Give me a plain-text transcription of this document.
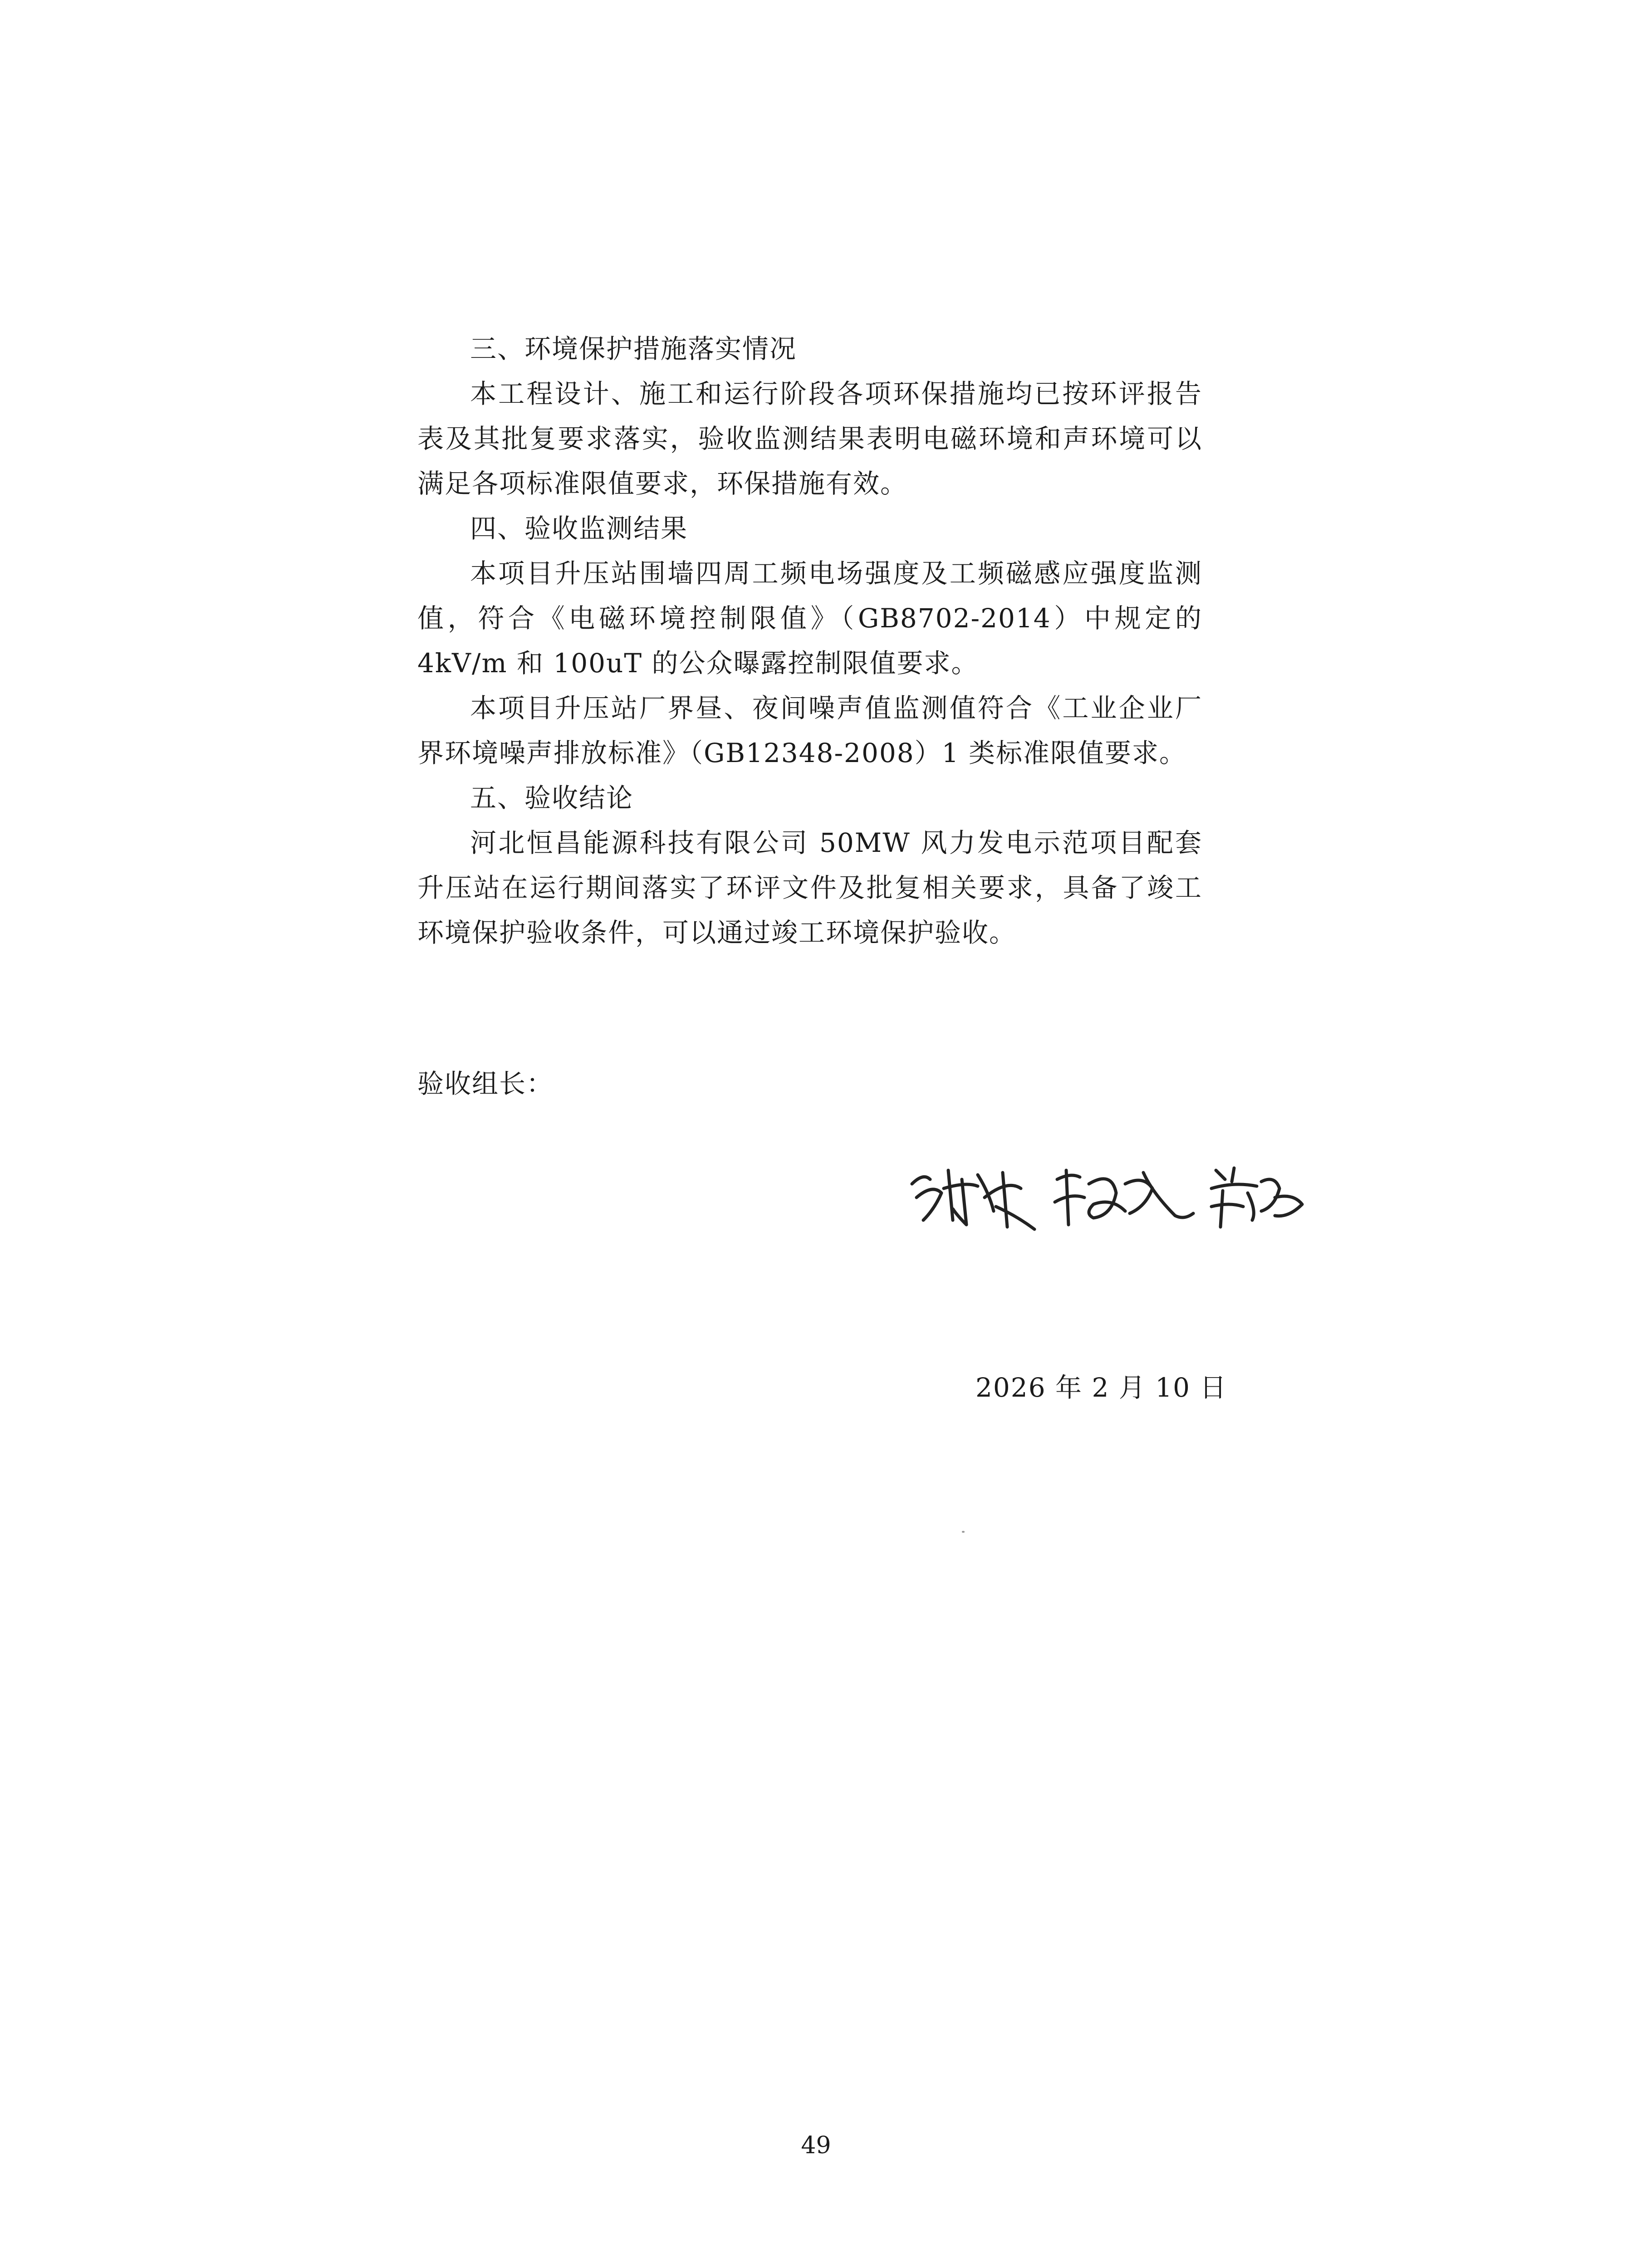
三、环境保护措施落实情况

本工程设计、施工和运行阶段各项环保措施均已按环评报告表及其批复要求落实，验收监测结果表明电磁环境和声环境可以满足各项标准限值要求，环保措施有效。

四、验收监测结果

本项目升压站围墙四周工频电场强度及工频磁感应强度监测值，符合《电磁环境控制限值》（GB8702-2014）中规定的 4kV/m 和 100uT 的公众曝露控制限值要求。

本项目升压站厂界昼、夜间噪声值监测值符合《工业企业厂界环境噪声排放标准》（GB12348-2008）1 类标准限值要求。

五、验收结论

河北恒昌能源科技有限公司 50MW 风力发电示范项目配套升压站在运行期间落实了环评文件及批复相关要求，具备了竣工环境保护验收条件，可以通过竣工环境保护验收。

验收组长：
2026 年 2 月 10 日
49
